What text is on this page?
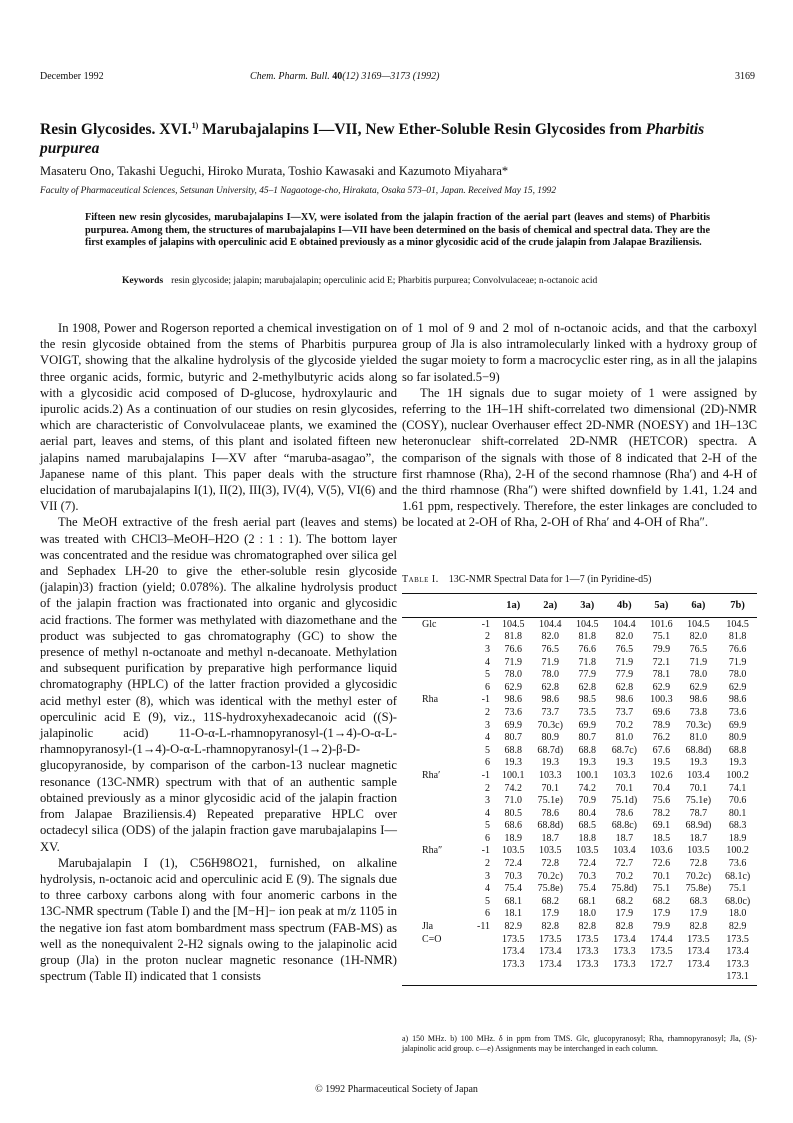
December 1992	Chem. Pharm. Bull. 40(12) 3169—3173 (1992)	3169
Resin Glycosides. XVI.$^{1)}$ Marubajalapins I—VII, New Ether-Soluble Resin Glycosides from Pharbitis purpurea
Masateru Ono, Takashi Ueguchi, Hiroko Murata, Toshio Kawasaki and Kazumoto Miyahara*
Faculty of Pharmaceutical Sciences, Setsunan University, 45–1 Nagaotoge-cho, Hirakata, Osaka 573–01, Japan. Received May 15, 1992
Fifteen new resin glycosides, marubajalapins I—XV, were isolated from the jalapin fraction of the aerial part (leaves and stems) of Pharbitis purpurea. Among them, the structures of marubajalapins I—VII have been determined on the basis of chemical and spectral data. They are the first examples of jalapins with operculinic acid E obtained previously as a minor glycosidic acid of the crude jalapin from Jalapae Braziliensis.
Keywords resin glycoside; jalapin; marubajalapin; operculinic acid E; Pharbitis purpurea; Convolvulaceae; n-octanoic acid

In 1908, Power and Rogerson reported a chemical investigation on the resin glycoside obtained from the stems of Pharbitis purpurea VOIGT, showing that the alkaline hydrolysis of the glycoside yielded three organic acids, formic, butyric and 2-methylbutyric acids along with a glycosidic acid composed of D-glucose, hydroxylauric and ipurolic acids.2) As a continuation of our studies on resin glycosides, which are characteristic of Convolvulaceae plants, we examined the aerial part, leaves and stems, of this plant and isolated fifteen new jalapins named marubajalapins I—XV after “maruba-asagao”, the Japanese name of this plant. This paper deals with the structure elucidation of marubajalapins I(1), II(2), III(3), IV(4), V(5), VI(6) and VII (7).

The MeOH extractive of the fresh aerial part (leaves and stems) was treated with CHCl3–MeOH–H2O (2 : 1 : 1). The bottom layer was concentrated and the residue was chromatographed over silica gel and Sephadex LH-20 to give the ether-soluble resin glycoside (jalapin)3) fraction (yield; 0.078%). The alkaline hydrolysis product of the jalapin fraction was fractionated into organic and glycosidic acid fractions. The former was methylated with diazomethane and the product was subjected to gas chromatography (GC) to show the presence of methyl n-octanoate and methyl n-decanoate. Methylation and subsequent purification by preparative high performance liquid chromatography (HPLC) of the latter fraction provided a glycosidic acid methyl ester (8), which was identical with the methyl ester of operculinic acid E (9), viz., 11S-hydroxyhexadecanoic acid ((S)-jalapinolic acid) 11-O-α-L-rhamnopyranosyl-(1→4)-O-α-L-rhamnopyranosyl-(1→4)-O-α-L-rhamnopyranosyl-(1→2)-β-D-glucopyranoside, by comparison of the carbon-13 nuclear magnetic resonance (13C-NMR) spectrum with that of an authentic sample obtained previously as a minor glycosidic acid of the jalapin fraction from Jalapae Braziliensis.4) Repeated preparative HPLC over octadecyl silica (ODS) of the jalapin fraction gave marubajalapins I—XV.

Marubajalapin I (1), C56H98O21, furnished, on alkaline hydrolysis, n-octanoic acid and operculinic acid E (9). The signals due to three carboxy carbons along with four anomeric carbons in the 13C-NMR spectrum (Table I) and the [M−H]− ion peak at m/z 1105 in the negative ion fast atom bombardment mass spectrum (FAB-MS) as well as the nonequivalent 2-H2 signals owing to the jalapinolic acid group (Jla) in the proton nuclear magnetic resonance (1H-NMR) spectrum (Table II) indicated that 1 consists

of 1 mol of 9 and 2 mol of n-octanoic acids, and that the carboxyl group of Jla is also intramolecularly linked with a hydroxy group of the sugar moiety to form a macrocyclic ester ring, as in all the jalapins so far isolated.5−9)

The 1H signals due to sugar moiety of 1 were assigned by referring to the 1H–1H shift-correlated two dimensional (2D)-NMR (COSY), nuclear Overhauser effect 2D-NMR (NOESY) and 1H–13C heteronuclear shift-correlated 2D-NMR (HETCOR) spectra. A comparison of the signals with those of 8 indicated that 2-H of the first rhamnose (Rha), 2-H of the second rhamnose (Rha′) and 4-H of the third rhamnose (Rha″) were shifted downfield by 1.41, 1.24 and 1.61 ppm, respectively. Therefore, the ester linkages are concluded to be located at 2-OH of Rha, 2-OH of Rha′ and 4-OH of Rha″.

Table I. 13C-NMR Spectral Data for 1—7 (in Pyridine-d5)
		1a)	2a)	3a)	4b)	5a)	6a)	7b)
Glc	-1	104.5	104.4	104.5	104.4	101.6	104.5	104.5
	2	81.8	82.0	81.8	82.0	75.1	82.0	81.8
	3	76.6	76.5	76.6	76.5	79.9	76.5	76.6
	4	71.9	71.9	71.8	71.9	72.1	71.9	71.9
	5	78.0	78.0	77.9	77.9	78.1	78.0	78.0
	6	62.9	62.8	62.8	62.8	62.9	62.9	62.9
Rha	-1	98.6	98.6	98.5	98.6	100.3	98.6	98.6
	2	73.6	73.7	73.5	73.7	69.6	73.8	73.6
	3	69.9	70.3c)	69.9	70.2	78.9	70.3c)	69.9
	4	80.7	80.9	80.7	81.0	76.2	81.0	80.9
	5	68.8	68.7d)	68.8	68.7c)	67.6	68.8d)	68.8
	6	19.3	19.3	19.3	19.3	19.5	19.3	19.3
Rha′	-1	100.1	103.3	100.1	103.3	102.6	103.4	100.2
	2	74.2	70.1	74.2	70.1	70.4	70.1	74.1
	3	71.0	75.1e)	70.9	75.1d)	75.6	75.1e)	70.6
	4	80.5	78.6	80.4	78.6	78.2	78.7	80.1
	5	68.6	68.8d)	68.5	68.8c)	69.1	68.9d)	68.3
	6	18.9	18.7	18.8	18.7	18.5	18.7	18.9
Rha″	-1	103.5	103.5	103.5	103.4	103.6	103.5	100.2
	2	72.4	72.8	72.4	72.7	72.6	72.8	73.6
	3	70.3	70.2c)	70.3	70.2	70.1	70.2c)	68.1c)
	4	75.4	75.8e)	75.4	75.8d)	75.1	75.8e)	75.1
	5	68.1	68.2	68.1	68.2	68.2	68.3	68.0c)
	6	18.1	17.9	18.0	17.9	17.9	17.9	18.0
Jla	-11	82.9	82.8	82.8	82.8	79.9	82.8	82.9
C=O		173.5	173.5	173.5	173.4	174.4	173.5	173.5
		173.4	173.4	173.3	173.3	173.5	173.4	173.4
		173.3	173.4	173.3	173.3	172.7	173.4	173.3
								173.1
a) 150 MHz. b) 100 MHz. δ in ppm from TMS. Glc, glucopyranosyl; Rha, rhamnopyranosyl; Jla, (S)-jalapinolic acid group. c—e) Assignments may be interchanged in each column.
© 1992 Pharmaceutical Society of Japan
